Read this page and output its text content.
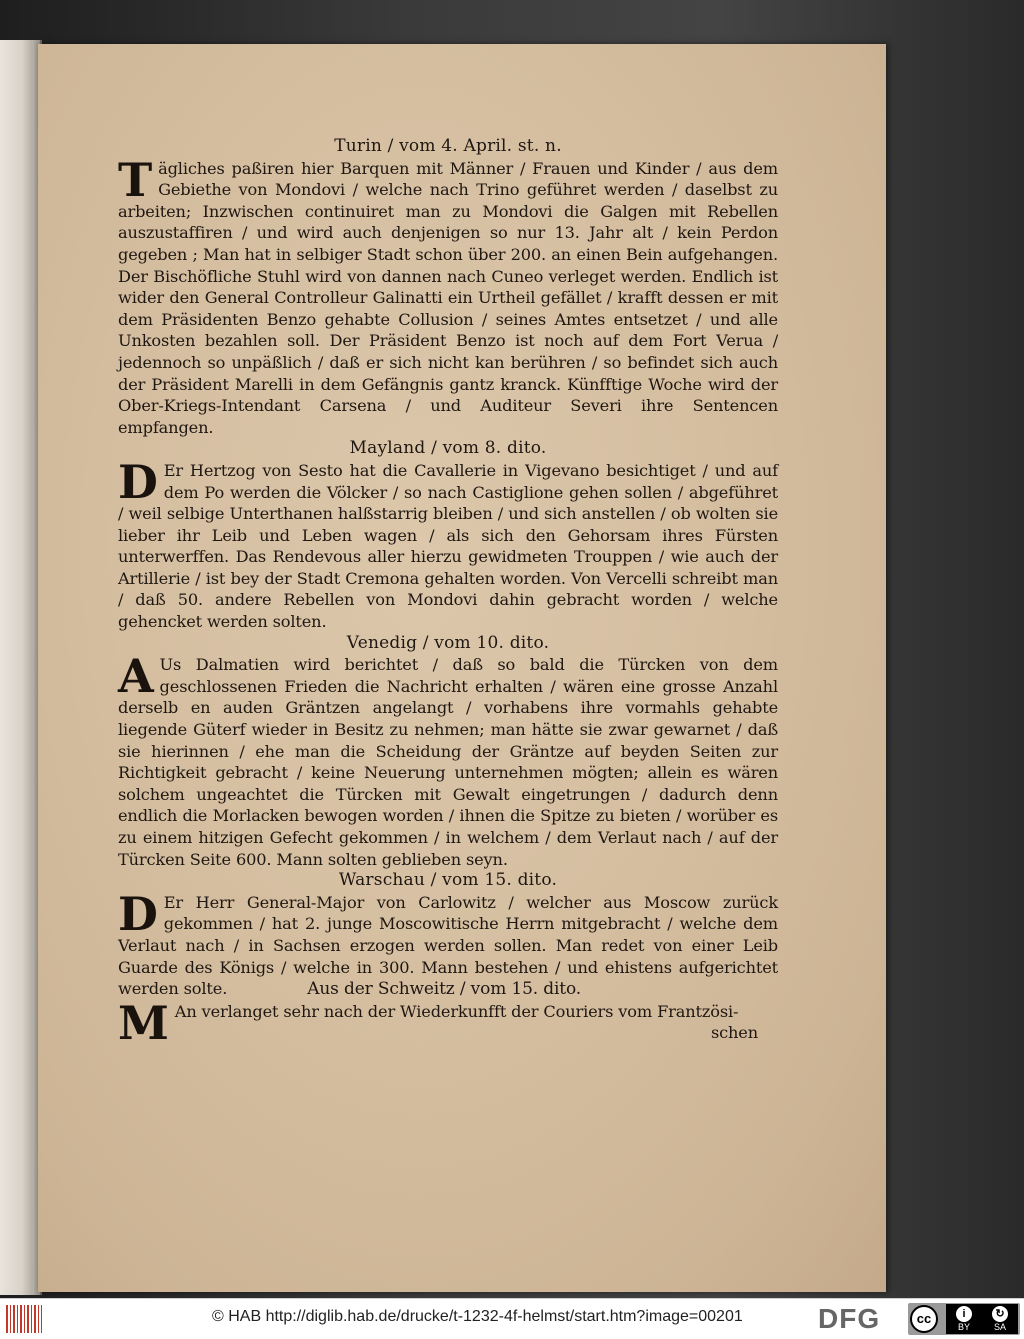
Turin / vom 4. April. st. n.

Tägliches paßiren hier Barquen mit Männer / Frauen und Kinder / aus dem Gebiethe von Mondovi / welche nach Trino geführet werden / daselbst zu arbeiten; Inzwischen continuiret man zu Mondovi die Galgen mit Rebellen auszustaffiren / und wird auch denjenigen so nur 13. Jahr alt / kein Perdon gegeben ; Man hat in selbiger Stadt schon über 200. an einen Bein aufgehangen. Der Bischöfliche Stuhl wird von dannen nach Cuneo verleget werden. Endlich ist wider den General Controlleur Galinatti ein Urtheil gefället / krafft dessen er mit dem Präsidenten Benzo gehabte Collusion / seines Amtes entsetzet / und alle Unkosten bezahlen soll. Der Präsident Benzo ist noch auf dem Fort Verua / jedennoch so unpäßlich / daß er sich nicht kan berühren / so befindet sich auch der Präsident Marelli in dem Gefängnis gantz kranck. Künfftige Woche wird der Ober-Kriegs-Intendant Carsena / und Auditeur Severi ihre Sentencen empfangen.

Mayland / vom 8. dito.

D Er Hertzog von Sesto hat die Cavallerie in Vigevano besichtiget / und auf dem Po werden die Völcker / so nach Castiglione gehen sollen / abgeführet / weil selbige Unterthanen halßstarrig bleiben / und sich anstellen / ob wolten sie lieber ihr Leib und Leben wagen / als sich den Gehorsam ihres Fürsten unterwerffen. Das Rendevous aller hierzu gewidmeten Trouppen / wie auch der Artillerie / ist bey der Stadt Cremona gehalten worden. Von Vercelli schreibt man / daß 50. andere Rebellen von Mondovi dahin gebracht worden / welche gehencket werden solten.

Venedig / vom 10. dito.

A Us Dalmatien wird berichtet / daß so bald die Türcken von dem geschlossenen Frieden die Nachricht erhalten / wären eine grosse Anzahl derselb en auden Gräntzen angelangt / vorhabens ihre vormahls gehabte liegende Güterf wieder in Besitz zu nehmen; man hätte sie zwar gewarnet / daß sie hierinnen / ehe man die Scheidung der Gräntze auf beyden Seiten zur Richtigkeit gebracht / keine Neuerung unternehmen mögten; allein es wären solchem ungeachtet die Türcken mit Gewalt eingetrungen / dadurch denn endlich die Morlacken bewogen worden / ihnen die Spitze zu bieten / worüber es zu einem hitzigen Gefecht gekommen / in welchem / dem Verlaut nach / auf der Türcken Seite 600. Mann solten geblieben seyn.

Warschau / vom 15. dito.

D Er Herr General-Major von Carlowitz / welcher aus Moscow zurück gekommen / hat 2. junge Moscowitische Herrn mitgebracht / welche dem Verlaut nach / in Sachsen erzogen werden sollen. Man redet von einer Leib Guarde des Königs / welche in 300. Mann bestehen / und ehistens aufgerichtet werden solte.	Aus der Schweitz / vom 15. dito.

M An verlanget sehr nach der Wiederkunfft der Couriers vom Frantzösi-

schen

© HAB http://diglib.hab.de/drucke/t-1232-4f-helmst/start.htm?image=00201	DFG	cc	i
BY
↻
SA
